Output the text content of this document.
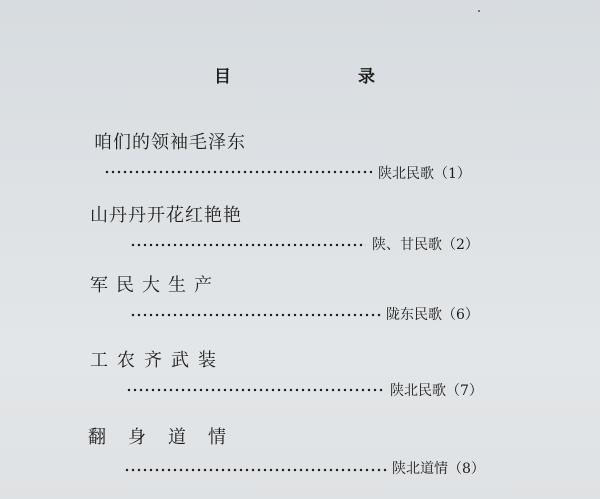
目	录
咱们的领袖毛泽东
陕北民歌（1）
山丹丹开花红艳艳
陕、甘民歌（2）
军民大生产
陇东民歌（6）
工农齐武装
陕北民歌（7）
翻身道情
陕北道情（8）
